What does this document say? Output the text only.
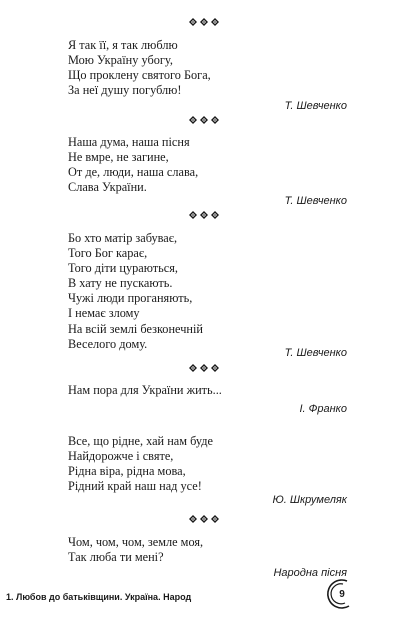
Я так її, я так люблю
Мою Україну убогу,
Що проклену святого Бога,
За неї душу погублю!
Т. Шевченко
Наша дума, наша пісня
Не вмре, не загине,
От де, люди, наша слава,
Слава України.
Т. Шевченко
Бо хто матір забуває,
Того Бог карає,
Того діти цураються,
В хату не пускають.
Чужі люди проганяють,
І немає злому
На всій землі безконечній
Веселого дому.
Т. Шевченко
Нам пора для України жить...
І. Франко
Все, що рідне, хай нам буде
Найдорожче і святе,
Рідна віра, рідна мова,
Рідний край наш над усе!
Ю. Шкрумеляк
Чом, чом, чом, земле моя,
Так люба ти мені?
Народна пісня
1. Любов до батьківщини. Україна. Народ	9
